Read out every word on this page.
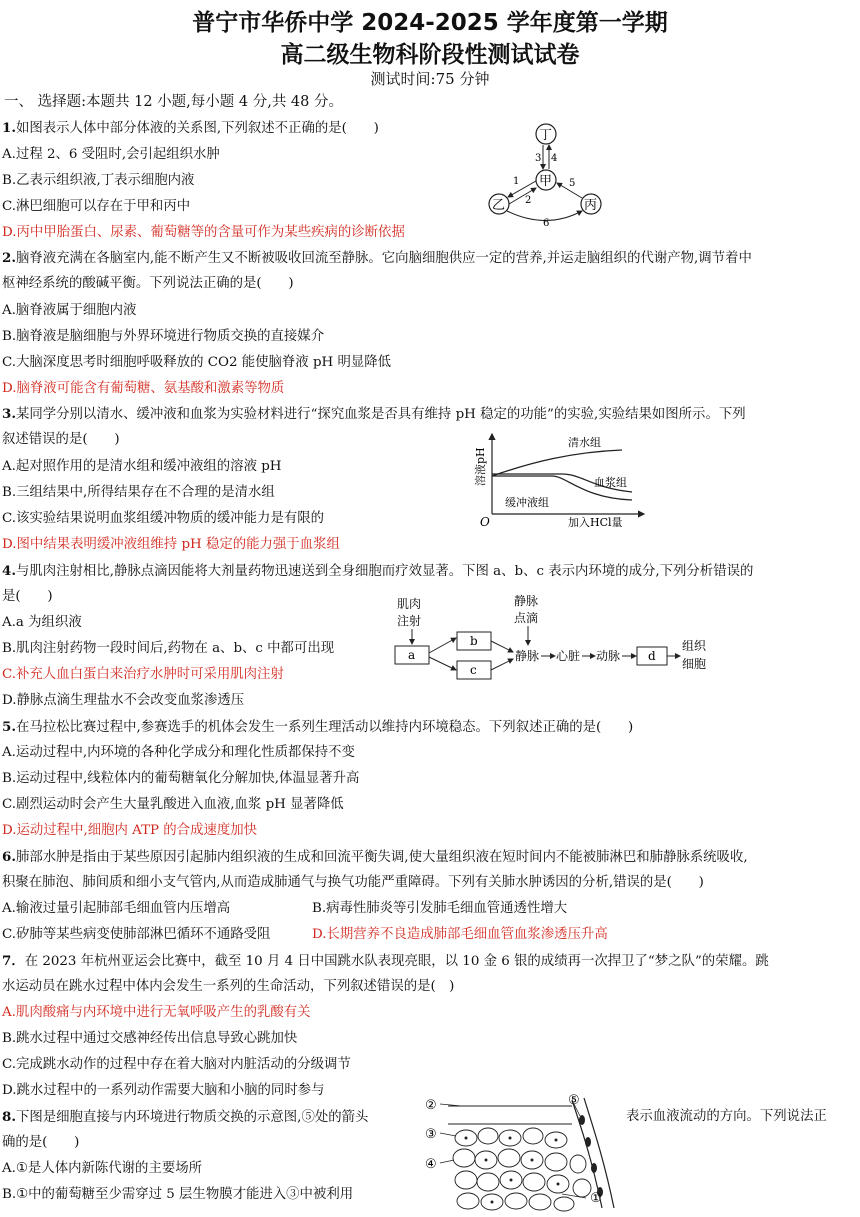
普宁市华侨中学 2024-2025 学年度第一学期
高二级生物科阶段性测试试卷
测试时间:75 分钟
一、 选择题:本题共 12 小题,每小题 4 分,共 48 分。
1.如图表示人体中部分体液的关系图,下列叙述不正确的是(　　)
A.过程 2、6 受阻时,会引起组织水肿
B.乙表示组织液,丁表示细胞内液
C.淋巴细胞可以存在于甲和丙中
D.丙中甲胎蛋白、尿素、葡萄糖等的含量可作为某些疾病的诊断依据
丁
甲
乙	丙
3 4
1
2
5
6
2.脑脊液充满在各脑室内,能不断产生又不断被吸收回流至静脉。它向脑细胞供应一定的营养,并运走脑组织的代谢产物,调节着中
枢神经系统的酸碱平衡。下列说法正确的是(　　)
A.脑脊液属于细胞内液
B.脑脊液是脑细胞与外界环境进行物质交换的直接媒介
C.大脑深度思考时细胞呼吸释放的 CO2 能使脑脊液 pH 明显降低
D.脑脊液可能含有葡萄糖、氨基酸和激素等物质
3.某同学分别以清水、缓冲液和血浆为实验材料进行“探究血浆是否具有维持 pH 稳定的功能”的实验,实验结果如图所示。下列
叙述错误的是(　　)
A.起对照作用的是清水组和缓冲液组的溶液 pH
B.三组结果中,所得结果存在不合理的是清水组
C.该实验结果说明血浆组缓冲物质的缓冲能力是有限的
D.图中结果表明缓冲液组维持 pH 稳定的能力强于血浆组
溶液pH
O	加入HCl量
清水组
血浆组
缓冲液组
4.与肌肉注射相比,静脉点滴因能将大剂量药物迅速送到全身细胞而疗效显著。下图 a、b、c 表示内环境的成分,下列分析错误的
是(　　)
A.a 为组织液
B.肌肉注射药物一段时间后,药物在 a、b、c 中都可出现
C.补充人血白蛋白来治疗水肿时可采用肌肉注射
D.静脉点滴生理盐水不会改变血浆渗透压
肌肉
注射
a
b
c
静脉
点滴
静脉 心脏 动脉 d
组织
细胞
5.在马拉松比赛过程中,参赛选手的机体会发生一系列生理活动以维持内环境稳态。下列叙述正确的是(　　)
A.运动过程中,内环境的各种化学成分和理化性质都保持不变
B.运动过程中,线粒体内的葡萄糖氧化分解加快,体温显著升高
C.剧烈运动时会产生大量乳酸进入血液,血浆 pH 显著降低
D.运动过程中,细胞内 ATP 的合成速度加快
6.肺部水肿是指由于某些原因引起肺内组织液的生成和回流平衡失调,使大量组织液在短时间内不能被肺淋巴和肺静脉系统吸收,
积聚在肺泡、肺间质和细小支气管内,从而造成肺通气与换气功能严重障碍。下列有关肺水肿诱因的分析,错误的是(　　)
A.输液过量引起肺部毛细血管内压增高	B.病毒性肺炎等引发肺毛细血管通透性增大
C.矽肺等某些病变使肺部淋巴循环不通路受阻	D.长期营养不良造成肺部毛细血管血浆渗透压升高
7．在 2023 年杭州亚运会比赛中，截至 10 月 4 日中国跳水队表现亮眼，以 10 金 6 银的成绩再一次捍卫了“梦之队”的荣耀。跳
水运动员在跳水过程中体内会发生一系列的生命活动，下列叙述错误的是(　)
A.肌肉酸痛与内环境中进行无氧呼吸产生的乳酸有关
B.跳水过程中通过交感神经传出信息导致心跳加快
C.完成跳水动作的过程中存在着大脑对内脏活动的分级调节
D.跳水过程中的一系列动作需要大脑和小脑的同时参与
8.下图是细胞直接与内环境进行物质交换的示意图,⑤处的箭头	表示血液流动的方向。下列说法正
确的是(　　)
A.①是人体内新陈代谢的主要场所
B.①中的葡萄糖至少需穿过 5 层生物膜才能进入③中被利用
②
③
④
⑤
①
